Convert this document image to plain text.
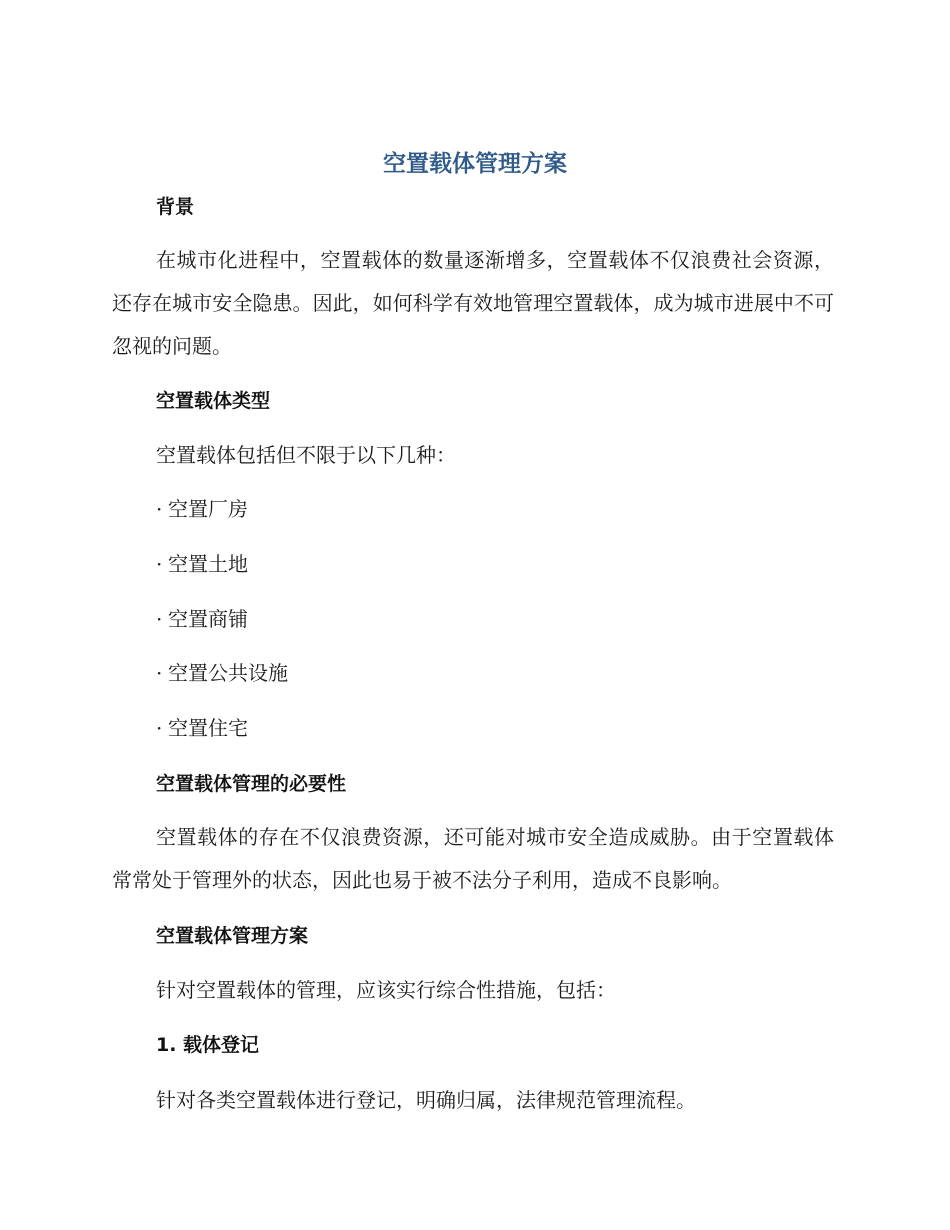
空置载体管理方案
背景
在城市化进程中，空置载体的数量逐渐增多，空置载体不仅浪费社会资源，还存在城市安全隐患。因此，如何科学有效地管理空置载体，成为城市进展中不可忽视的问题。
空置载体类型
空置载体包括但不限于以下几种：
· 空置厂房
· 空置土地
· 空置商铺
· 空置公共设施
· 空置住宅
空置载体管理的必要性
空置载体的存在不仅浪费资源，还可能对城市安全造成威胁。由于空置载体常常处于管理外的状态，因此也易于被不法分子利用，造成不良影响。
空置载体管理方案
针对空置载体的管理，应该实行综合性措施，包括：
1. 载体登记
针对各类空置载体进行登记，明确归属，法律规范管理流程。
